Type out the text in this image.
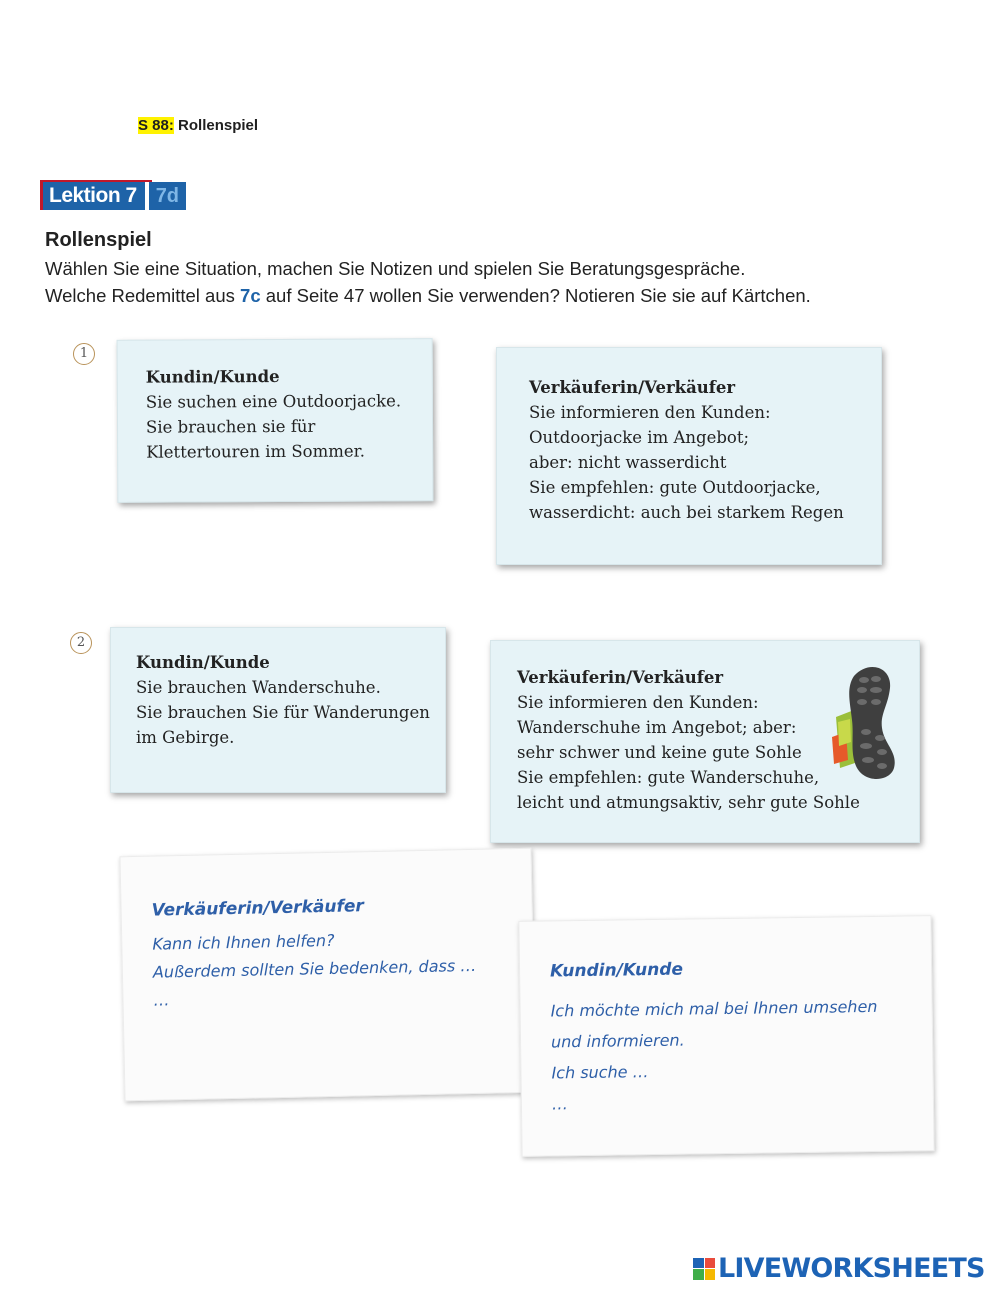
S 88: Rollenspiel
Lektion 7 7d
Rollenspiel
Wählen Sie eine Situation, machen Sie Notizen und spielen Sie Beratungsgespräche.
Welche Redemittel aus 7c auf Seite 47 wollen Sie verwenden? Notieren Sie sie auf Kärtchen.
1
Kundin/Kunde
Sie suchen eine Outdoorjacke.
Sie brauchen sie für
Klettertouren im Sommer.
Verkäuferin/Verkäufer
Sie informieren den Kunden:
Outdoorjacke im Angebot;
aber: nicht wasserdicht
Sie empfehlen: gute Outdoorjacke,
wasserdicht: auch bei starkem Regen
2
Kundin/Kunde
Sie brauchen Wanderschuhe.
Sie brauchen Sie für Wanderungen
im Gebirge.
Verkäuferin/Verkäufer
Sie informieren den Kunden:
Wanderschuhe im Angebot; aber:
sehr schwer und keine gute Sohle
Sie empfehlen: gute Wanderschuhe,
leicht und atmungsaktiv, sehr gute Sohle
Verkäuferin/Verkäufer
Kann ich Ihnen helfen?
Außerdem sollten Sie bedenken, dass …
…
Kundin/Kunde
Ich möchte mich mal bei Ihnen umsehen
und informieren.
Ich suche …
…
LIVEWORKSHEETS
